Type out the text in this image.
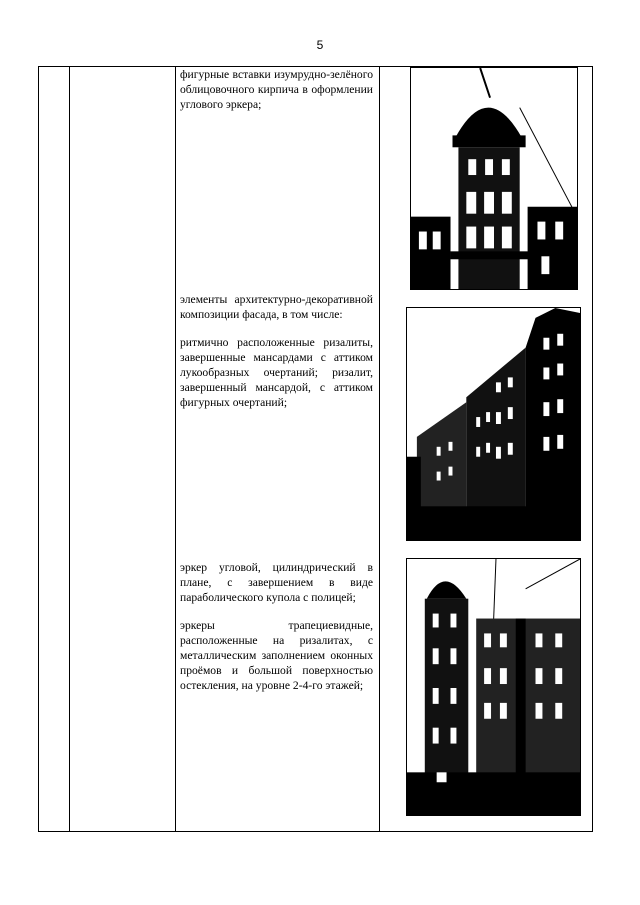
5

фигурные вставки изумрудно-зелёного облицовочного кирпича в оформлении углового эркера;

элементы архитектурно-декоративной композиции фасада, в том числе:

ритмично расположенные ризалиты, завершенные мансардами с аттиком лукообразных очертаний; ризалит, завершенный мансардой, с аттиком фигурных очертаний;

эркер угловой, цилиндрический в плане, с завершением в виде параболического купола с полицей;

эркеры трапециевидные, расположенные на ризалитах, с металлическим заполнением оконных проёмов и большой поверхностью остекления, на уровне 2-4-го этажей;
